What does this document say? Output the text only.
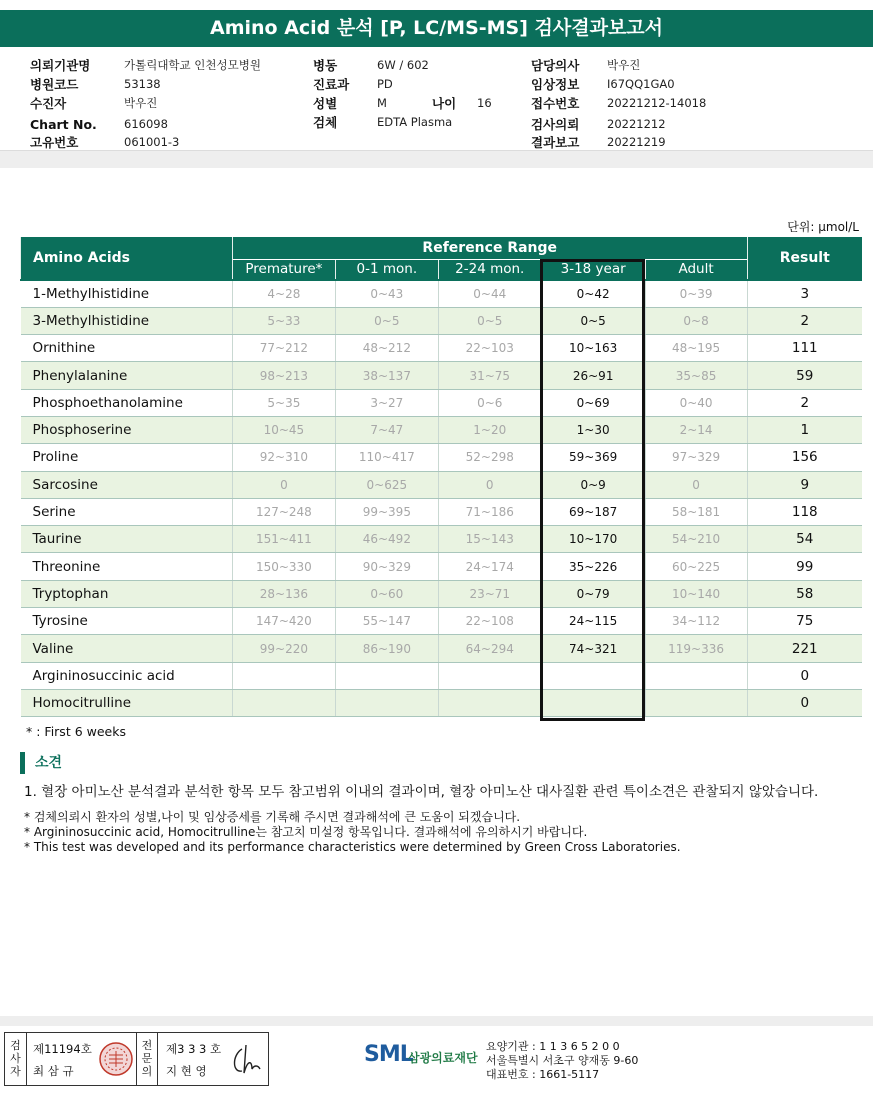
Amino Acid 분석 [P, LC/MS-MS] 검사결과보고서
의뢰기관명	가톨릭대학교 인천성모병원
병원코드	53138
수진자	박우진
Chart No. 616098
고유번호	061001-3
병동	6W / 602
진료과 PD
성별	M
검체	EDTA Plasma
나이 16
담당의사 박우진
임상정보 I67QQ1GA0
접수번호 20221212-14018
검사의뢰 20221212
결과보고 20221219
단위: μmol/L
Amino Acids	Reference Range					Result
	Premature*	0-1 mon.	2-24 mon.	3-18 year	Adult	
1-Methylhistidine	4~28	0~43	0~44	0~42	0~39	3
3-Methylhistidine	5~33	0~5	0~5	0~5	0~8	2
Ornithine	77~212	48~212	22~103	10~163	48~195	111
Phenylalanine	98~213	38~137	31~75	26~91	35~85	59
Phosphoethanolamine	5~35	3~27	0~6	0~69	0~40	2
Phosphoserine	10~45	7~47	1~20	1~30	2~14	1
Proline	92~310	110~417	52~298	59~369	97~329	156
Sarcosine	0	0~625	0	0~9	0	9
Serine	127~248	99~395	71~186	69~187	58~181	118
Taurine	151~411	46~492	15~143	10~170	54~210	54
Threonine	150~330	90~329	24~174	35~226	60~225	99
Tryptophan	28~136	0~60	23~71	0~79	10~140	58
Tyrosine	147~420	55~147	22~108	24~115	34~112	75
Valine	99~220	86~190	64~294	74~321	119~336	221
Argininosuccinic acid						0
Homocitrulline						0
* : First 6 weeks
소견
1. 혈장 아미노산 분석결과 분석한 항목 모두 참고범위 이내의 결과이며, 혈장 아미노산 대사질환 관련 특이소견은 관찰되지 않았습니다.
* 검체의뢰시 환자의 성별,나이 및 임상증세를 기록해 주시면 결과해석에 큰 도움이 되겠습니다.
* Argininosuccinic acid, Homocitrulline는 참고치 미설정 항목입니다. 결과해석에 유의하시기 바랍니다.
* This test was developed and its performance characteristics were determined by Green Cross Laboratories.
검사자
제11194호
최 삼 규
전문의
제3 3 3 호
지 현 영
SML
삼광의료재단
요양기관 : 1 1 3 6 5 2 0 0
서울특별시 서초구 양재동 9-60
대표번호 : 1661-5117
